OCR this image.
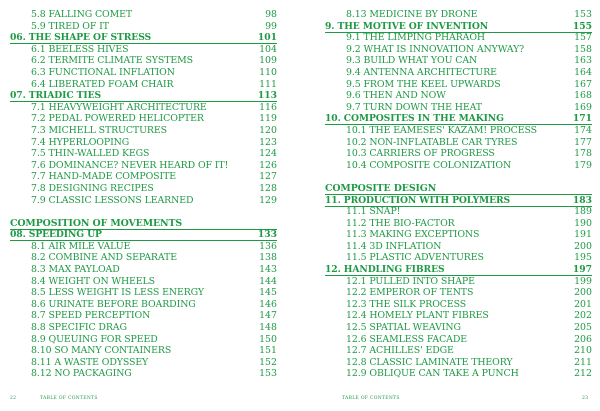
5.8 FALLING COMET	98
5.9 TIRED OF IT	99
06. THE SHAPE OF STRESS	101
6.1 BEELESS HIVES	104
6.2 TERMITE CLIMATE SYSTEMS	109
6.3 FUNCTIONAL INFLATION	110
6.4 LIBERATED FOAM CHAIR	111
07. TRIADIC TIES	113
7.1 HEAVYWEIGHT ARCHITECTURE	116
7.2 PEDAL POWERED HELICOPTER	119
7.3 MICHELL STRUCTURES	120
7.4 HYPERLOOPING	123
7.5 THIN-WALLED KEGS	124
7.6 DOMINANCE? NEVER HEARD OF IT!	126
7.7 HAND-MADE COMPOSITE	127
7.8 DESIGNING RECIPES	128
7.9 CLASSIC LESSONS LEARNED	129
COMPOSITION OF MOVEMENTS
08. SPEEDING UP	133
8.1 AIR MILE VALUE	136
8.2 COMBINE AND SEPARATE	138
8.3 MAX PAYLOAD	143
8.4 WEIGHT ON WHEELS	144
8.5 LESS WEIGHT IS LESS ENERGY	145
8.6 URINATE BEFORE BOARDING	146
8.7 SPEED PERCEPTION	147
8.8 SPECIFIC DRAG	148
8.9 QUEUING FOR SPEED	150
8.10 SO MANY CONTAINERS	151
8.11 A WASTE ODYSSEY	152
8.12 NO PACKAGING	153
8.13 MEDICINE BY DRONE	153
9. THE MOTIVE OF INVENTION	155
9.1 THE LIMPING PHARAOH	157
9.2 WHAT IS INNOVATION ANYWAY?	158
9.3 BUILD WHAT YOU CAN	163
9.4 ANTENNA ARCHITECTURE	164
9.5 FROM THE KEEL UPWARDS	167
9.6 THEN AND NOW	168
9.7 TURN DOWN THE HEAT	169
10. COMPOSITES IN THE MAKING	171
10.1 THE EAMESES' KAZAM! PROCESS	174
10.2 NON-INFLATABLE CAR TYRES	177
10.3 CARRIERS OF PROGRESS	178
10.4 COMPOSITE COLONIZATION	179
COMPOSITE DESIGN
11. PRODUCTION WITH POLYMERS	183
11.1 SNAP!	189
11.2 THE BIO-FACTOR	190
11.3 MAKING EXCEPTIONS	191
11.4 3D INFLATION	200
11.5 PLASTIC ADVENTURES	195
12. HANDLING FIBRES	197
12.1 PULLED INTO SHAPE	199
12.2 EMPEROR OF TENTS	200
12.3 THE SILK PROCESS	201
12.4 HOMELY PLANT FIBRES	202
12.5 SPATIAL WEAVING	205
12.6 SEAMLESS FACADE	206
12.7 ACHILLES' EDGE	210
12.8 CLASSIC LAMINATE THEORY	211
12.9 OBLIQUE CAN TAKE A PUNCH	212
22	TABLE OF CONTENTS	TABLE OF CONTENTS	23
